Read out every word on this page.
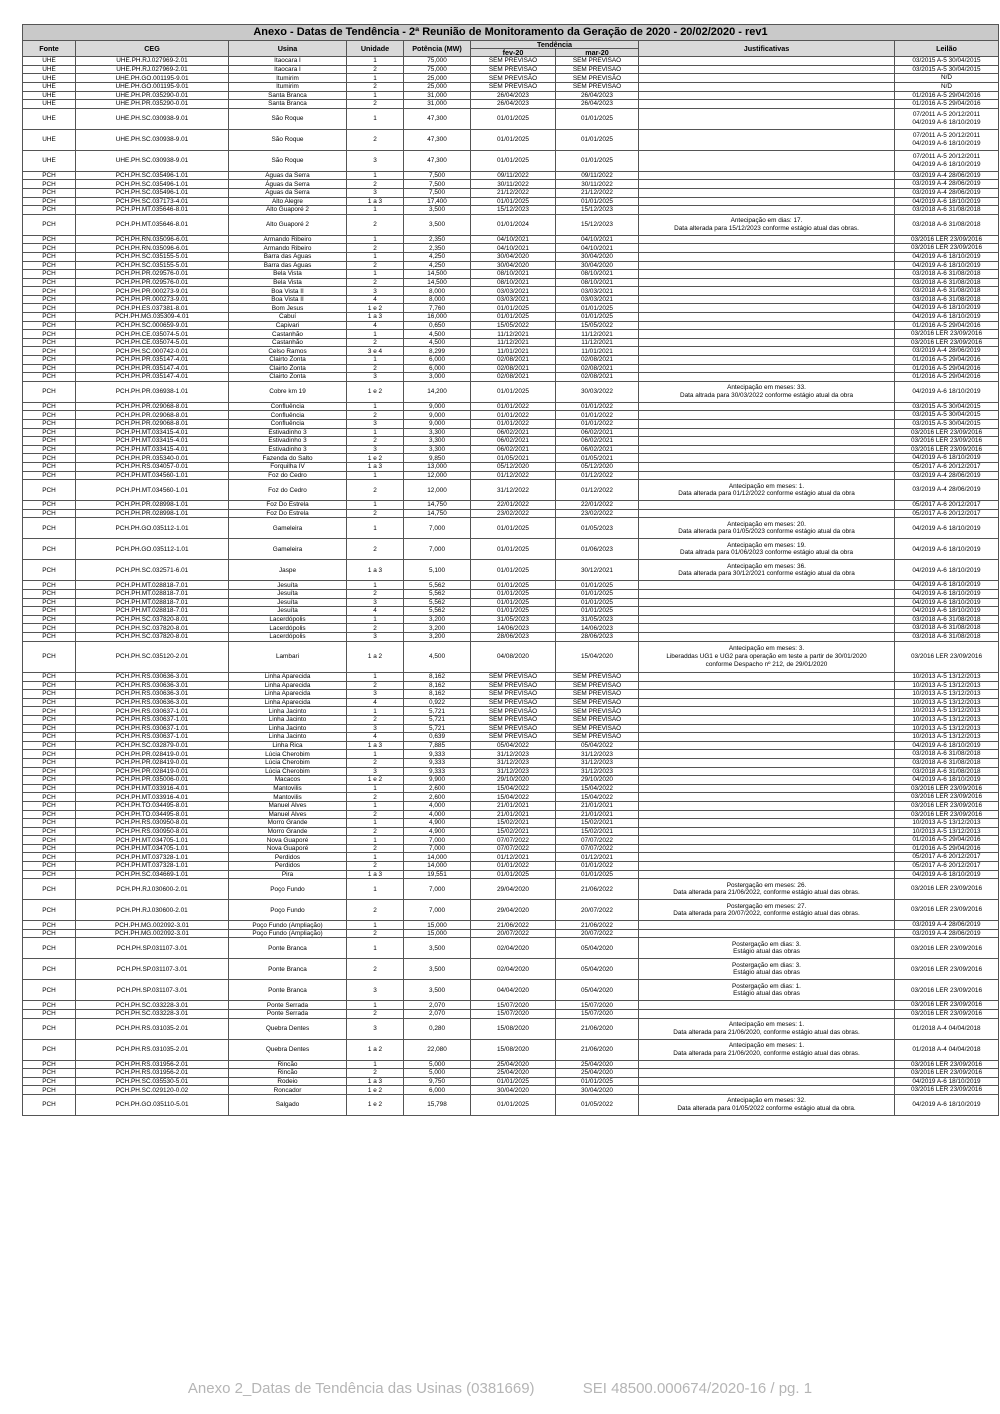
Anexo - Datas de Tendência - 2ª Reunião de Monitoramento da Geração de 2020 - 20/02/2020 - rev1								
Fonte	CEG	Usina	Unidade	Potência (MW)	Tendência		Justificativas	Leilão
					fev-20	mar-20		
UHE	UHE.PH.RJ.027969-2.01	Itaocara I	1	75,000	SEM PREVISÃO	SEM PREVISÃO		03/2015 A-5 30/04/2015
UHE	UHE.PH.RJ.027969-2.01	Itaocara I	2	75,000	SEM PREVISÃO	SEM PREVISÃO		03/2015 A-5 30/04/2015
UHE	UHE.PH.GO.001195-9.01	Itumirim	1	25,000	SEM PREVISÃO	SEM PREVISÃO		N/D
UHE	UHE.PH.GO.001195-9.01	Itumirim	2	25,000	SEM PREVISÃO	SEM PREVISÃO		N/D
UHE	UHE.PH.PR.035290-0.01	Santa Branca	1	31,000	26/04/2023	26/04/2023		01/2016 A-5 29/04/2016
UHE	UHE.PH.PR.035290-0.01	Santa Branca	2	31,000	26/04/2023	26/04/2023		01/2016 A-5 29/04/2016
UHE	UHE.PH.SC.030938-9.01	São Roque	1	47,300	01/01/2025	01/01/2025		07/2011 A-5 20/12/2011
04/2019 A-6 18/10/2019
UHE	UHE.PH.SC.030938-9.01	São Roque	2	47,300	01/01/2025	01/01/2025		07/2011 A-5 20/12/2011
04/2019 A-6 18/10/2019
UHE	UHE.PH.SC.030938-9.01	São Roque	3	47,300	01/01/2025	01/01/2025		07/2011 A-5 20/12/2011
04/2019 A-6 18/10/2019
PCH	PCH.PH.SC.035496-1.01	Águas da Serra	1	7,500	09/11/2022	09/11/2022		03/2019 A-4 28/06/2019
PCH	PCH.PH.SC.035496-1.01	Águas da Serra	2	7,500	30/11/2022	30/11/2022		03/2019 A-4 28/06/2019
PCH	PCH.PH.SC.035496-1.01	Águas da Serra	3	7,500	21/12/2022	21/12/2022		03/2019 A-4 28/06/2019
PCH	PCH.PH.SC.037173-4.01	Alto Alegre	1 a 3	17,400	01/01/2025	01/01/2025		04/2019 A-6 18/10/2019
PCH	PCH.PH.MT.035646-8.01	Alto Guaporé 2	1	3,500	15/12/2023	15/12/2023		03/2018 A-6 31/08/2018
PCH	PCH.PH.MT.035646-8.01	Alto Guaporé 2	2	3,500	01/01/2024	15/12/2023	Antecipação em dias: 17.
Data alterada para 15/12/2023 conforme estágio atual das obras.	03/2018 A-6 31/08/2018
PCH	PCH.PH.RN.035096-6.01	Armando Ribeiro	1	2,350	04/10/2021	04/10/2021		03/2016 LER 23/09/2016
PCH	PCH.PH.RN.035096-6.01	Armando Ribeiro	2	2,350	04/10/2021	04/10/2021		03/2016 LER 23/09/2016
PCH	PCH.PH.SC.035155-5.01	Barra das Águas	1	4,250	30/04/2020	30/04/2020		04/2019 A-6 18/10/2019
PCH	PCH.PH.SC.035155-5.01	Barra das Águas	2	4,250	30/04/2020	30/04/2020		04/2019 A-6 18/10/2019
PCH	PCH.PH.PR.029576-0.01	Bela Vista	1	14,500	08/10/2021	08/10/2021		03/2018 A-6 31/08/2018
PCH	PCH.PH.PR.029576-0.01	Bela Vista	2	14,500	08/10/2021	08/10/2021		03/2018 A-6 31/08/2018
PCH	PCH.PH.PR.000273-9.01	Boa Vista II	3	8,000	03/03/2021	03/03/2021		03/2018 A-6 31/08/2018
PCH	PCH.PH.PR.000273-9.01	Boa Vista II	4	8,000	03/03/2021	03/03/2021		03/2018 A-6 31/08/2018
PCH	PCH.PH.ES.037381-8.01	Bom Jesus	1 e 2	7,760	01/01/2025	01/01/2025		04/2019 A-6 18/10/2019
PCH	PCH.PH.MG.035309-4.01	Cabuí	1 a 3	16,000	01/01/2025	01/01/2025		04/2019 A-6 18/10/2019
PCH	PCH.PH.SC.000659-9.01	Capivari	4	0,650	15/05/2022	15/05/2022		01/2016 A-5 29/04/2016
PCH	PCH.PH.CE.035074-5.01	Castanhão	1	4,500	11/12/2021	11/12/2021		03/2016 LER 23/09/2016
PCH	PCH.PH.CE.035074-5.01	Castanhão	2	4,500	11/12/2021	11/12/2021		03/2016 LER 23/09/2016
PCH	PCH.PH.SC.000742-0.01	Celso Ramos	3 e 4	8,299	11/01/2021	11/01/2021		03/2019 A-4 28/06/2019
PCH	PCH.PH.PR.035147-4.01	Clairto Zonta	1	6,000	02/08/2021	02/08/2021		01/2016 A-5 29/04/2016
PCH	PCH.PH.PR.035147-4.01	Clairto Zonta	2	6,000	02/08/2021	02/08/2021		01/2016 A-5 29/04/2016
PCH	PCH.PH.PR.035147-4.01	Clairto Zonta	3	3,000	02/08/2021	02/08/2021		01/2016 A-5 29/04/2016
PCH	PCH.PH.PR.036938-1.01	Cobre km 19	1 e 2	14,200	01/01/2025	30/03/2022	Antecipação em meses: 33.
Data altrada para 30/03/2022 conforme estágio atual da obra	04/2019 A-6 18/10/2019
PCH	PCH.PH.PR.029068-8.01	Confluência	1	9,000	01/01/2022	01/01/2022		03/2015 A-5 30/04/2015
PCH	PCH.PH.PR.029068-8.01	Confluência	2	9,000	01/01/2022	01/01/2022		03/2015 A-5 30/04/2015
PCH	PCH.PH.PR.029068-8.01	Confluência	3	9,000	01/01/2022	01/01/2022		03/2015 A-5 30/04/2015
PCH	PCH.PH.MT.033415-4.01	Estivadinho 3	1	3,300	06/02/2021	06/02/2021		03/2016 LER 23/09/2016
PCH	PCH.PH.MT.033415-4.01	Estivadinho 3	2	3,300	06/02/2021	06/02/2021		03/2016 LER 23/09/2016
PCH	PCH.PH.MT.033415-4.01	Estivadinho 3	3	3,300	06/02/2021	06/02/2021		03/2016 LER 23/09/2016
PCH	PCH.PH.PR.035340-0.01	Fazenda do Salto	1 e 2	9,850	01/05/2021	01/05/2021		04/2019 A-6 18/10/2019
PCH	PCH.PH.RS.034057-0.01	Forquilha IV	1 a 3	13,000	05/12/2020	05/12/2020		05/2017 A-6 20/12/2017
PCH	PCH.PH.MT.034560-1.01	Foz do Cedro	1	12,000	01/12/2022	01/12/2022		03/2019 A-4 28/06/2019
PCH	PCH.PH.MT.034560-1.01	Foz do Cedro	2	12,000	31/12/2022	01/12/2022	Antecipação em meses: 1.
Data alterada para 01/12/2022 conforme estágio atual da obra	03/2019 A-4 28/06/2019
PCH	PCH.PH.PR.028998-1.01	Foz Do Estrela	1	14,750	22/01/2022	22/01/2022		05/2017 A-6 20/12/2017
PCH	PCH.PH.PR.028998-1.01	Foz Do Estrela	2	14,750	23/02/2022	23/02/2022		05/2017 A-6 20/12/2017
PCH	PCH.PH.GO.035112-1.01	Gameleira	1	7,000	01/01/2025	01/05/2023	Antecipação em meses: 20.
Data alterada para 01/05/2023 conforme estágio atual da obra	04/2019 A-6 18/10/2019
PCH	PCH.PH.GO.035112-1.01	Gameleira	2	7,000	01/01/2025	01/06/2023	Antecipação em meses: 19.
Data altrada para 01/06/2023 conforme estágio atual da obra	04/2019 A-6 18/10/2019
PCH	PCH.PH.SC.032571-6.01	Jaspe	1 a 3	5,100	01/01/2025	30/12/2021	Antecipação em meses: 36.
Data alterada para 30/12/2021 conforme estágio atual da obra	04/2019 A-6 18/10/2019
PCH	PCH.PH.MT.028818-7.01	Jesuíta	1	5,562	01/01/2025	01/01/2025		04/2019 A-6 18/10/2019
PCH	PCH.PH.MT.028818-7.01	Jesuíta	2	5,562	01/01/2025	01/01/2025		04/2019 A-6 18/10/2019
PCH	PCH.PH.MT.028818-7.01	Jesuíta	3	5,562	01/01/2025	01/01/2025		04/2019 A-6 18/10/2019
PCH	PCH.PH.MT.028818-7.01	Jesuíta	4	5,562	01/01/2025	01/01/2025		04/2019 A-6 18/10/2019
PCH	PCH.PH.SC.037820-8.01	Lacerdópolis	1	3,200	31/05/2023	31/05/2023		03/2018 A-6 31/08/2018
PCH	PCH.PH.SC.037820-8.01	Lacerdópolis	2	3,200	14/06/2023	14/06/2023		03/2018 A-6 31/08/2018
PCH	PCH.PH.SC.037820-8.01	Lacerdópolis	3	3,200	28/06/2023	28/06/2023		03/2018 A-6 31/08/2018
PCH	PCH.PH.SC.035120-2.01	Lambari	1 a 2	4,500	04/08/2020	15/04/2020	Antecipação em meses: 3.
Liberaddas UG1 e UG2 para operação em teste a partir de 30/01/2020
conforme Despacho nº 212, de 29/01/2020	03/2016 LER 23/09/2016
PCH	PCH.PH.RS.030636-3.01	Linha Aparecida	1	8,162	SEM PREVISÃO	SEM PREVISÃO		10/2013 A-5 13/12/2013
PCH	PCH.PH.RS.030636-3.01	Linha Aparecida	2	8,162	SEM PREVISÃO	SEM PREVISÃO		10/2013 A-5 13/12/2013
PCH	PCH.PH.RS.030636-3.01	Linha Aparecida	3	8,162	SEM PREVISÃO	SEM PREVISÃO		10/2013 A-5 13/12/2013
PCH	PCH.PH.RS.030636-3.01	Linha Aparecida	4	0,922	SEM PREVISÃO	SEM PREVISÃO		10/2013 A-5 13/12/2013
PCH	PCH.PH.RS.030637-1.01	Linha Jacinto	1	5,721	SEM PREVISÃO	SEM PREVISÃO		10/2013 A-5 13/12/2013
PCH	PCH.PH.RS.030637-1.01	Linha Jacinto	2	5,721	SEM PREVISÃO	SEM PREVISÃO		10/2013 A-5 13/12/2013
PCH	PCH.PH.RS.030637-1.01	Linha Jacinto	3	5,721	SEM PREVISÃO	SEM PREVISÃO		10/2013 A-5 13/12/2013
PCH	PCH.PH.RS.030637-1.01	Linha Jacinto	4	0,639	SEM PREVISÃO	SEM PREVISÃO		10/2013 A-5 13/12/2013
PCH	PCH.PH.SC.032879-0.01	Linha Rica	1 a 3	7,885	05/04/2022	05/04/2022		04/2019 A-6 18/10/2019
PCH	PCH.PH.PR.028419-0.01	Lúcia Cherobim	1	9,333	31/12/2023	31/12/2023		03/2018 A-6 31/08/2018
PCH	PCH.PH.PR.028419-0.01	Lúcia Cherobim	2	9,333	31/12/2023	31/12/2023		03/2018 A-6 31/08/2018
PCH	PCH.PH.PR.028419-0.01	Lúcia Cherobim	3	9,333	31/12/2023	31/12/2023		03/2018 A-6 31/08/2018
PCH	PCH.PH.PR.035006-0.01	Macacos	1 e 2	9,900	29/10/2020	29/10/2020		04/2019 A-6 18/10/2019
PCH	PCH.PH.MT.033916-4.01	Mantovilis	1	2,600	15/04/2022	15/04/2022		03/2016 LER 23/09/2016
PCH	PCH.PH.MT.033916-4.01	Mantovilis	2	2,600	15/04/2022	15/04/2022		03/2016 LER 23/09/2016
PCH	PCH.PH.TO.034495-8.01	Manuel Alves	1	4,000	21/01/2021	21/01/2021		03/2016 LER 23/09/2016
PCH	PCH.PH.TO.034495-8.01	Manuel Alves	2	4,000	21/01/2021	21/01/2021		03/2016 LER 23/09/2016
PCH	PCH.PH.RS.030950-8.01	Morro Grande	1	4,900	15/02/2021	15/02/2021		10/2013 A-5 13/12/2013
PCH	PCH.PH.RS.030950-8.01	Morro Grande	2	4,900	15/02/2021	15/02/2021		10/2013 A-5 13/12/2013
PCH	PCH.PH.MT.034705-1.01	Nova Guaporé	1	7,000	07/07/2022	07/07/2022		01/2016 A-5 29/04/2016
PCH	PCH.PH.MT.034705-1.01	Nova Guaporé	2	7,000	07/07/2022	07/07/2022		01/2016 A-5 29/04/2016
PCH	PCH.PH.MT.037328-1.01	Perdidos	1	14,000	01/12/2021	01/12/2021		05/2017 A-6 20/12/2017
PCH	PCH.PH.MT.037328-1.01	Perdidos	2	14,000	01/01/2022	01/01/2022		05/2017 A-6 20/12/2017
PCH	PCH.PH.SC.034669-1.01	Pira	1 a 3	19,551	01/01/2025	01/01/2025		04/2019 A-6 18/10/2019
PCH	PCH.PH.RJ.030600-2.01	Poço Fundo	1	7,000	29/04/2020	21/06/2022	Postergação em meses: 26.
Data alterada para 21/06/2022, conforme estágio atual das obras.	03/2016 LER 23/09/2016
PCH	PCH.PH.RJ.030600-2.01	Poço Fundo	2	7,000	29/04/2020	20/07/2022	Postergação em meses: 27.
Data alterada para 20/07/2022, conforme estágio atual das obras.	03/2016 LER 23/09/2016
PCH	PCH.PH.MG.002092-3.01	Poço Fundo (Ampliação)	1	15,000	21/06/2022	21/06/2022		03/2019 A-4 28/06/2019
PCH	PCH.PH.MG.002092-3.01	Poço Fundo (Ampliação)	2	15,000	20/07/2022	20/07/2022		03/2019 A-4 28/06/2019
PCH	PCH.PH.SP.031107-3.01	Ponte Branca	1	3,500	02/04/2020	05/04/2020	Postergação em dias: 3.
Estágio atual das obras	03/2016 LER 23/09/2016
PCH	PCH.PH.SP.031107-3.01	Ponte Branca	2	3,500	02/04/2020	05/04/2020	Postergação em dias: 3.
Estágio atual das obras	03/2016 LER 23/09/2016
PCH	PCH.PH.SP.031107-3.01	Ponte Branca	3	3,500	04/04/2020	05/04/2020	Postergação em dias: 1.
Estágio atual das obras	03/2016 LER 23/09/2016
PCH	PCH.PH.SC.033228-3.01	Ponte Serrada	1	2,070	15/07/2020	15/07/2020		03/2016 LER 23/09/2016
PCH	PCH.PH.SC.033228-3.01	Ponte Serrada	2	2,070	15/07/2020	15/07/2020		03/2016 LER 23/09/2016
PCH	PCH.PH.RS.031035-2.01	Quebra Dentes	3	0,280	15/08/2020	21/06/2020	Antecipação em meses: 1.
Data alterada para 21/06/2020, conforme estágio atual das obras.	01/2018 A-4 04/04/2018
PCH	PCH.PH.RS.031035-2.01	Quebra Dentes	1 a 2	22,080	15/08/2020	21/06/2020	Antecipação em meses: 1.
Data alterada para 21/06/2020, conforme estágio atual das obras.	01/2018 A-4 04/04/2018
PCH	PCH.PH.RS.031956-2.01	Rincão	1	5,000	25/04/2020	25/04/2020		03/2016 LER 23/09/2016
PCH	PCH.PH.RS.031956-2.01	Rincão	2	5,000	25/04/2020	25/04/2020		03/2016 LER 23/09/2016
PCH	PCH.PH.SC.035530-5.01	Rodeio	1 a 3	9,750	01/01/2025	01/01/2025		04/2019 A-6 18/10/2019
PCH	PCH.PH.SC.029120-0.02	Roncador	1 e 2	6,000	30/04/2020	30/04/2020		03/2016 LER 23/09/2016
PCH	PCH.PH.GO.035110-5.01	Salgado	1 e 2	15,798	01/01/2025	01/05/2022	Antecipação em meses: 32.
Data alterada para 01/05/2022 conforme estágio atual da obra.	04/2019 A-6 18/10/2019
Anexo 2_Datas de Tendência das Usinas (0381669)	SEI 48500.000674/2020-16 / pg. 1
